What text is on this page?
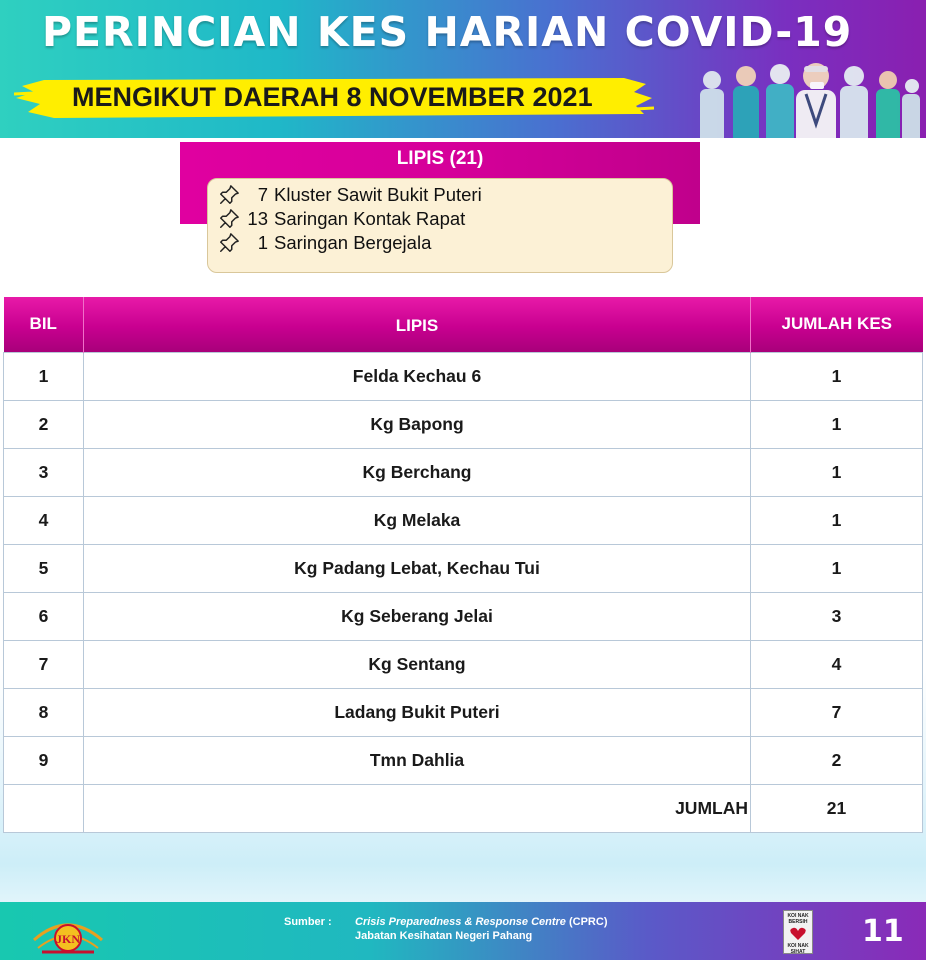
PERINCIAN KES HARIAN COVID-19
MENGIKUT DAERAH 8 NOVEMBER 2021
LIPIS (21)
7 Kluster Sawit Bukit Puteri
13 Saringan Kontak Rapat
1 Saringan Bergejala
BIL	LIPIS	JUMLAH KES
1	Felda Kechau 6	1
2	Kg Bapong	1
3	Kg Berchang	1
4	Kg Melaka	1
5	Kg Padang Lebat, Kechau Tui	1
6	Kg Seberang Jelai	3
7	Kg Sentang	4
8	Ladang Bukit Puteri	7
9	Tmn Dahlia	2
	JUMLAH	21
JKN
Sumber : Crisis Preparedness & Response Centre (CPRC)
Jabatan Kesihatan Negeri Pahang
KOI NAK BERSIH
KOI NAK SIHAT
11
